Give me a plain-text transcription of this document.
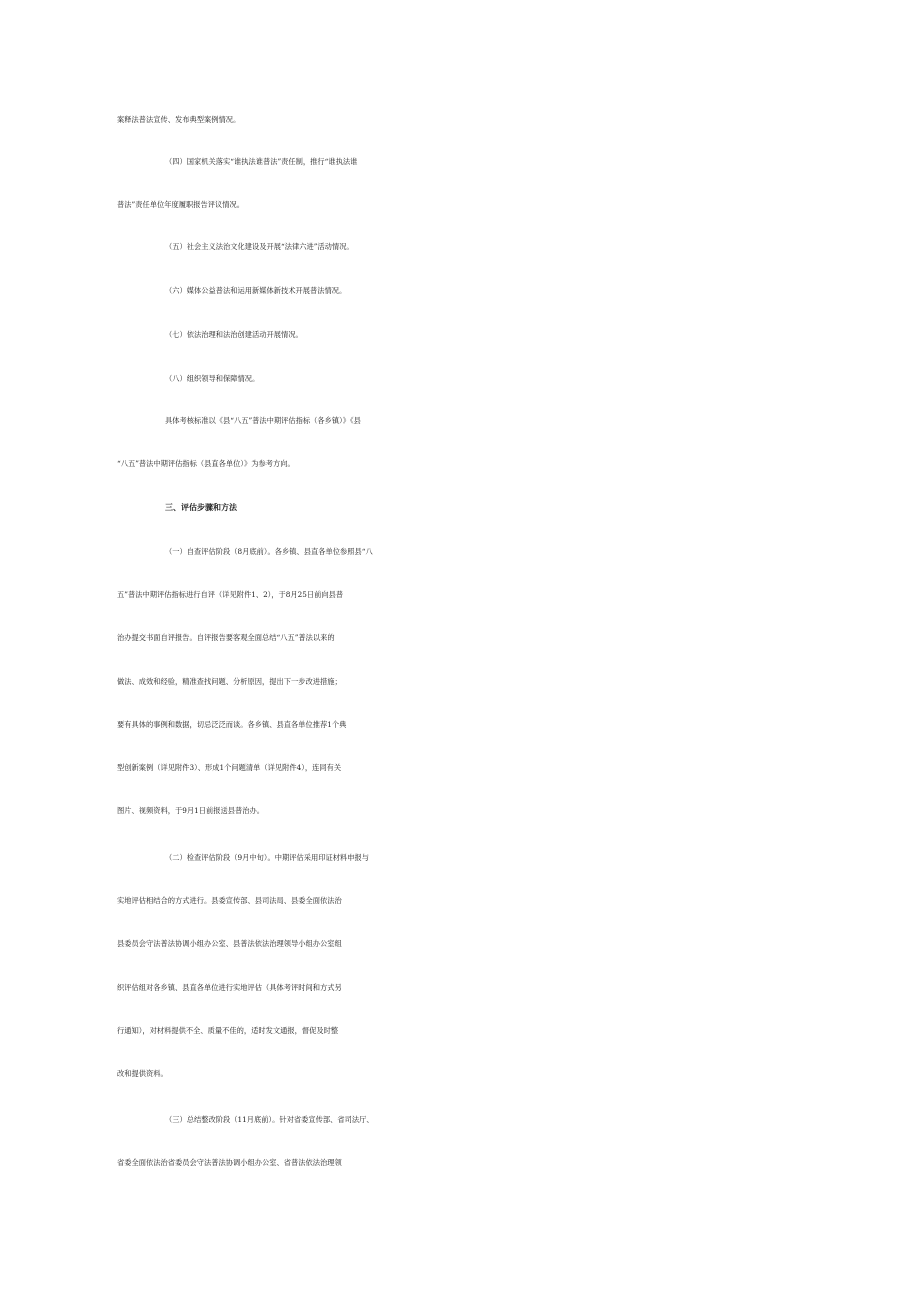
案释法普法宣传、发布典型案例情况。
（四）国家机关落实“谁执法谁普法”责任制，推行“谁执法谁
普法”责任单位年度履职报告评议情况。
（五）社会主义法治文化建设及开展“法律六进”活动情况。
（六）媒体公益普法和运用新媒体新技术开展普法情况。
（七）依法治理和法治创建活动开展情况。
（八）组织领导和保障情况。
具体考核标准以《县“八五”普法中期评估指标（各乡镇）》《县
“八五”普法中期评估指标（县直各单位）》为参考方向。
三、评估步骤和方法
（一）自查评估阶段（8月底前）。各乡镇、县直各单位参照县“八
五”普法中期评估指标进行自评（详见附件1、2），于8月25日前向县普
治办提交书面自评报告。自评报告要客观全面总结“八五”普法以来的
做法、成效和经验，精准查找问题、分析原因，提出下一步改进措施；
要有具体的事例和数据，切忌泛泛而谈。各乡镇、县直各单位推荐1个典
型创新案例（详见附件3）、形成1个问题清单（详见附件4），连同有关
图片、视频资料，于9月1日前报送县普治办。
（二）检查评估阶段（9月中旬）。中期评估采用印证材料申报与
实地评估相结合的方式进行。县委宣传部、县司法局、县委全面依法治
县委员会守法普法协调小组办公室、县普法依法治理领导小组办公室组
织评估组对各乡镇、县直各单位进行实地评估（具体考评时间和方式另
行通知），对材料提供不全、质量不佳的，适时发文通报，督促及时整
改和提供资料。
（三）总结整改阶段（11月底前）。针对省委宣传部、省司法厅、
省委全面依法治省委员会守法普法协调小组办公室、省普法依法治理领
